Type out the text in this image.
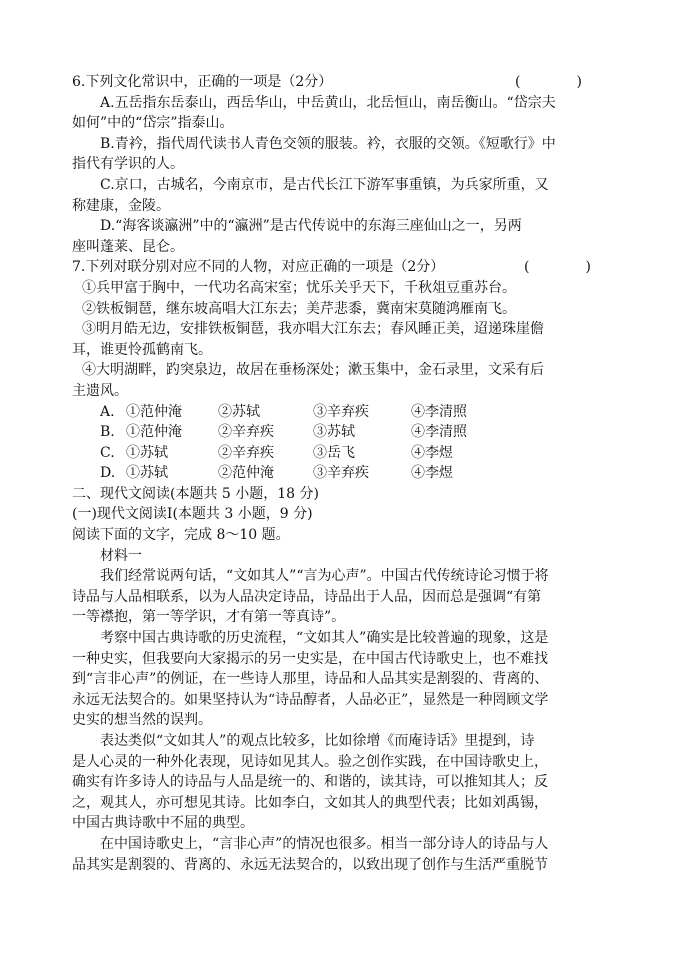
6.下列文化常识中，正确的一项是（2分）	(　　　　)
A.五岳指东岳泰山，西岳华山，中岳黄山，北岳恒山，南岳衡山。“岱宗夫
如何”中的“岱宗”指泰山。
B.青衿，指代周代读书人青色交领的服装。衿，衣服的交领。《短歌行》中
指代有学识的人。
C.京口，古城名，今南京市，是古代长江下游军事重镇，为兵家所重，又
称建康，金陵。
D.“海客谈瀛洲”中的“瀛洲”是古代传说中的东海三座仙山之一，另两
座叫蓬莱、昆仑。
7.下列对联分别对应不同的人物，对应正确的一项是（2分）	(　　　　)
①兵甲富于胸中，一代功名高宋室；忧乐关乎天下，千秋俎豆重苏台。
②铁板铜琶，继东坡高唱大江东去；美芹悲黍，冀南宋莫随鸿雁南飞。
③明月皓无边，安排铁板铜琶，我亦唱大江东去；春风睡正美，迢递珠崖儋
耳，谁更怜孤鹤南飞。
④大明湖畔，趵突泉边，故居在垂杨深处；漱玉集中，金石录里，文采有后
主遗风。
A. ①范仲淹	②苏轼	③辛弃疾	④李清照
B. ①范仲淹	②辛弃疾	③苏轼	④李清照
C. ①苏轼	②辛弃疾	③岳飞	④李煜
D. ①苏轼	②范仲淹	③辛弃疾	④李煜
二、现代文阅读(本题共 5 小题，18 分)
(一)现代文阅读Ⅰ(本题共 3 小题，9 分)
阅读下面的文字，完成 8～10 题。
材料一
我们经常说两句话，“文如其人”“言为心声”。中国古代传统诗论习惯于将
诗品与人品相联系，以为人品决定诗品，诗品出于人品，因而总是强调“有第
一等襟抱，第一等学识，才有第一等真诗”。
考察中国古典诗歌的历史流程，“文如其人”确实是比较普遍的现象，这是
一种史实，但我要向大家揭示的另一史实是，在中国古代诗歌史上，也不难找
到“言非心声”的例证，在一些诗人那里，诗品和人品其实是割裂的、背离的、
永远无法契合的。如果坚持认为“诗品醇者，人品必正”，显然是一种罔顾文学
史实的想当然的误判。
表达类似“文如其人”的观点比较多，比如徐增《而庵诗话》里提到，诗
是人心灵的一种外化表现，见诗如见其人。验之创作实践，在中国诗歌史上，
确实有许多诗人的诗品与人品是统一的、和谐的，读其诗，可以推知其人；反
之，观其人，亦可想见其诗。比如李白，文如其人的典型代表；比如刘禹锡，
中国古典诗歌中不屈的典型。
在中国诗歌史上，“言非心声”的情况也很多。相当一部分诗人的诗品与人
品其实是割裂的、背离的、永远无法契合的，以致出现了创作与生活严重脱节
